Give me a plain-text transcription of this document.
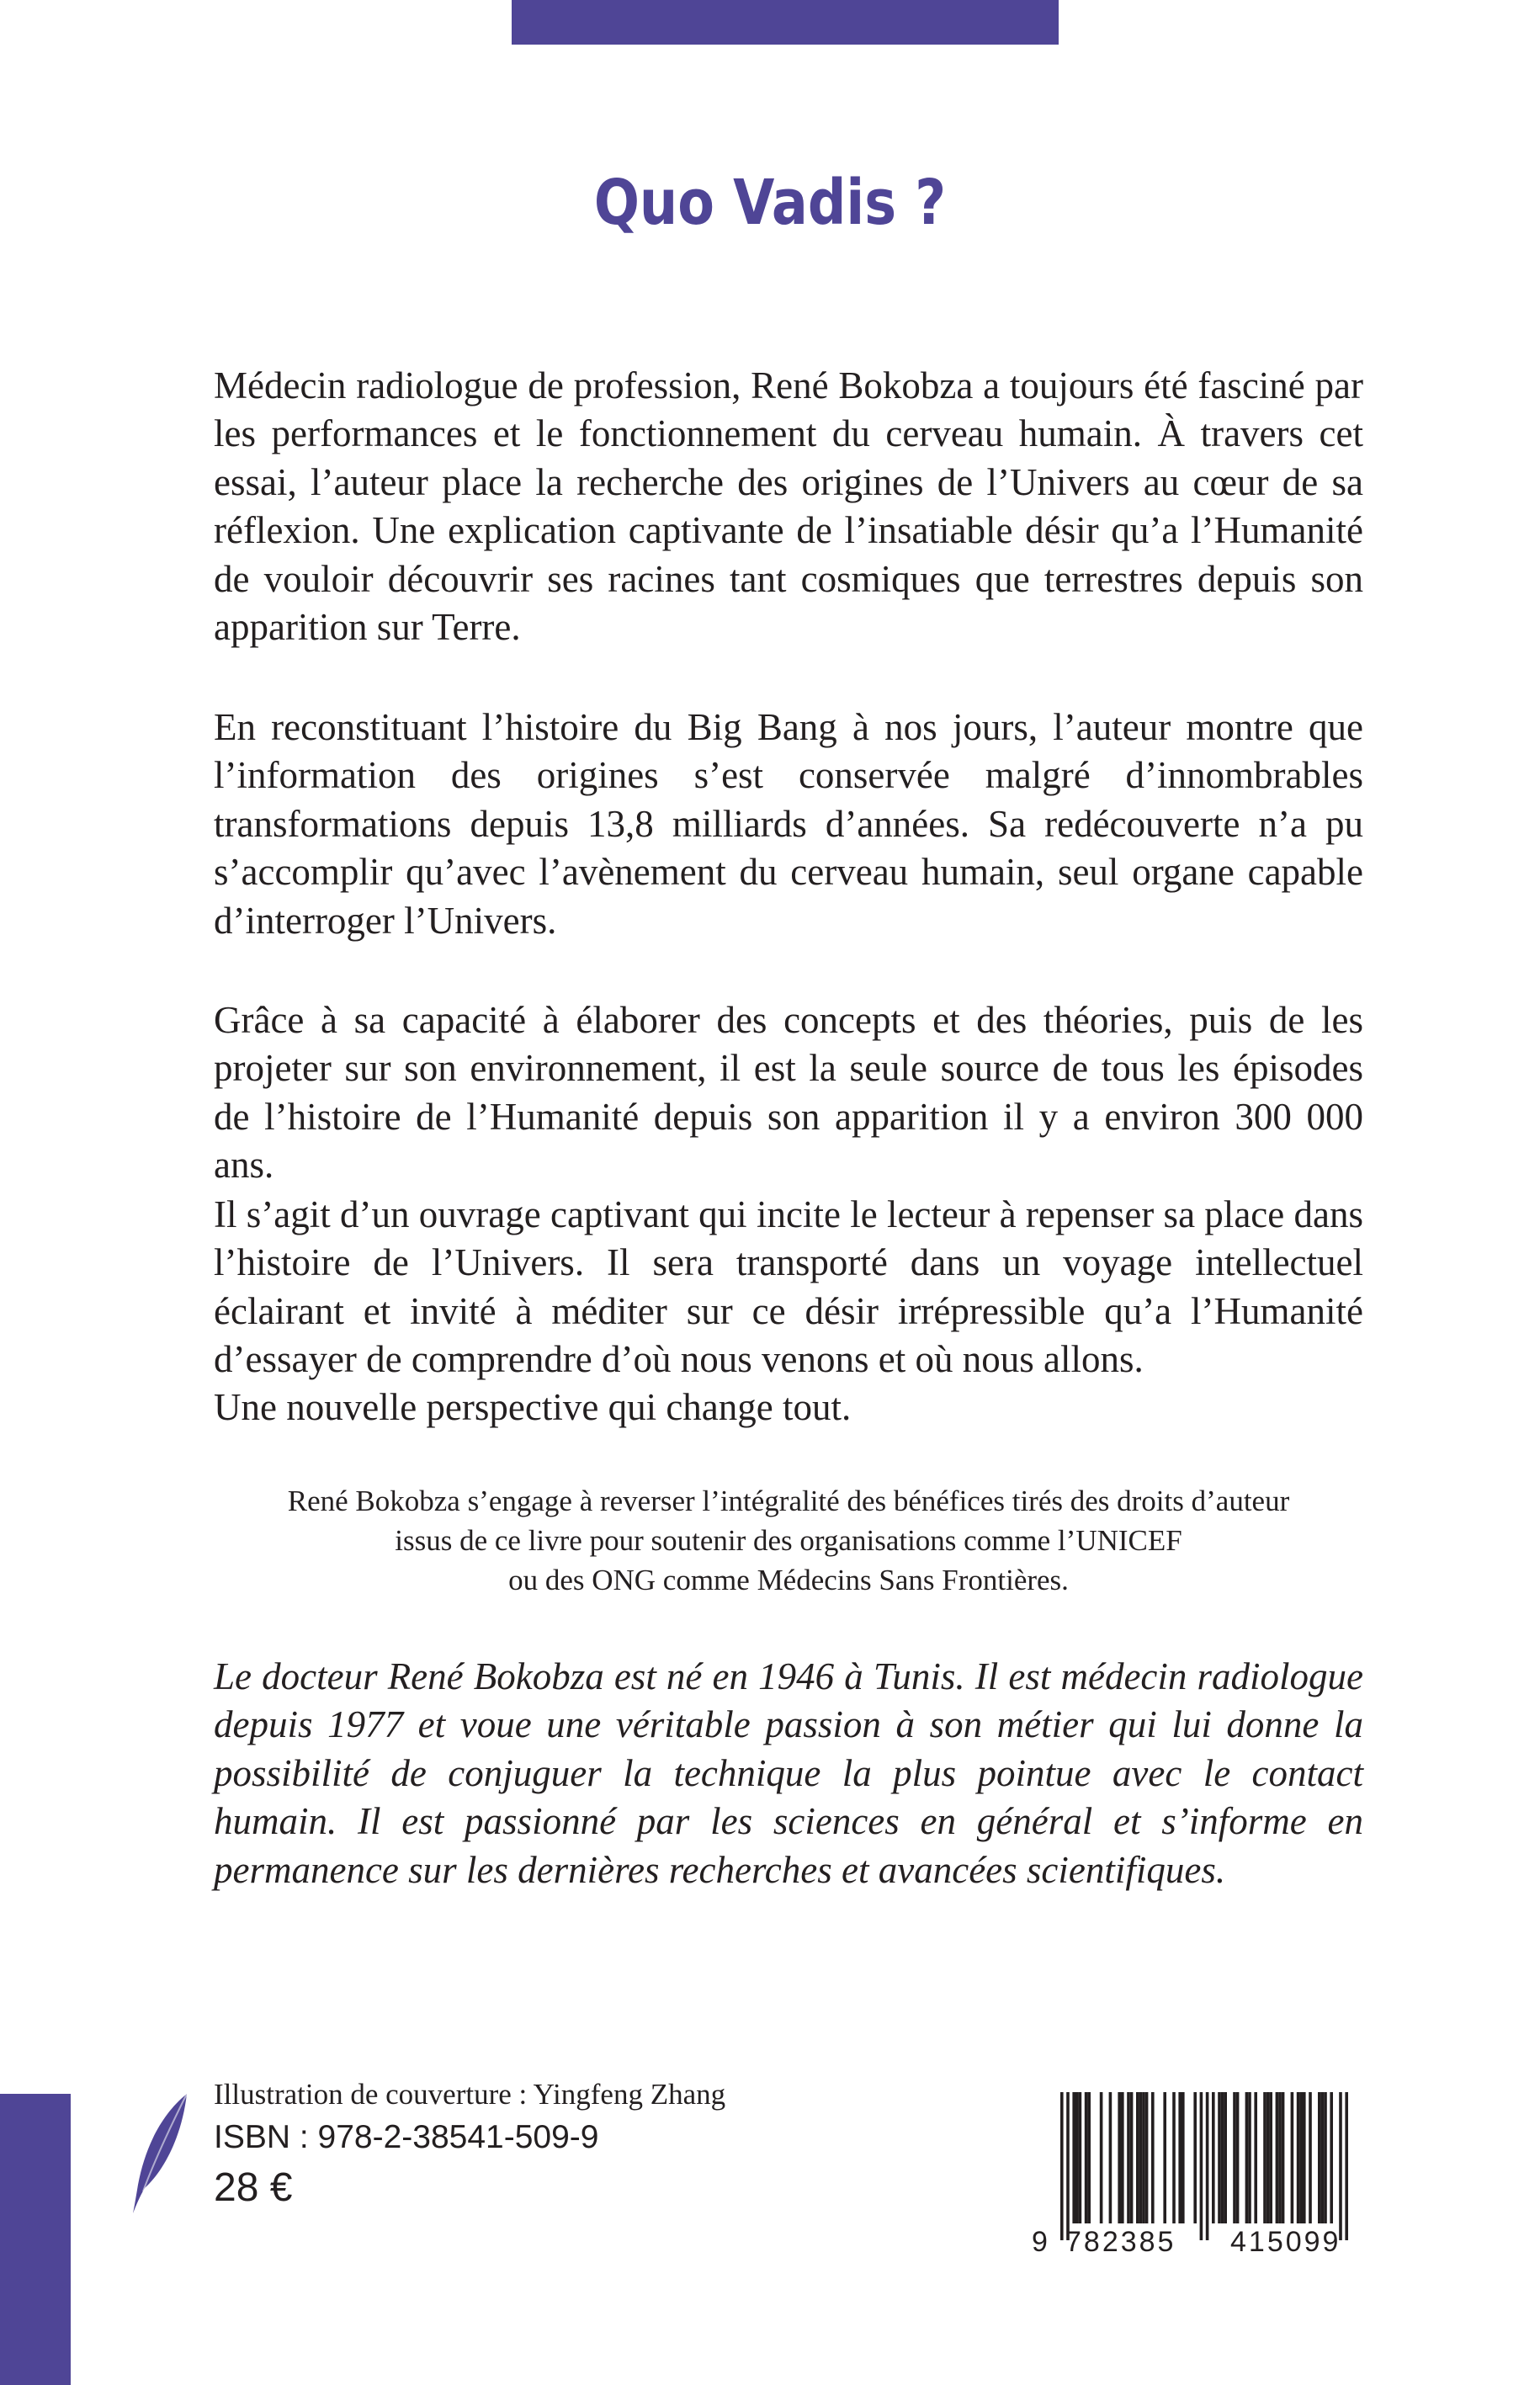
Quo Vadis ?

Médecin radiologue de profession, René Bokobza a toujours été fasciné par les performances et le fonctionnement du cerveau humain. À travers cet essai, l’auteur place la recherche des origines de l’Univers au cœur de sa réflexion. Une explication captivante de l’insatiable désir qu’a l’Humanité de vouloir découvrir ses racines tant cosmiques que terrestres depuis son apparition sur Terre.

En reconstituant l’histoire du Big Bang à nos jours, l’auteur montre que l’information des origines s’est conservée malgré d’innombrables transformations depuis 13,8 milliards d’années. Sa redécouverte n’a pu s’accomplir qu’avec l’avènement du cerveau humain, seul organe capable d’interroger l’Univers.

Grâce à sa capacité à élaborer des concepts et des théories, puis de les projeter sur son environnement, il est la seule source de tous les épisodes de l’histoire de l’Humanité depuis son apparition il y a environ 300 000 ans.

Il s’agit d’un ouvrage captivant qui incite le lecteur à repenser sa place dans l’histoire de l’Univers. Il sera transporté dans un voyage intellectuel éclairant et invité à méditer sur ce désir irrépressible qu’a l’Humanité d’essayer de comprendre d’où nous venons et où nous allons.

Une nouvelle perspective qui change tout.

René Bokobza s’engage à reverser l’intégralité des bénéfices tirés des droits d’auteur
issus de ce livre pour soutenir des organisations comme l’UNICEF
ou des ONG comme Médecins Sans Frontières.

Le docteur René Bokobza est né en 1946 à Tunis. Il est médecin radiologue depuis 1977 et voue une véritable passion à son métier qui lui donne la possibilité de conjuguer la technique la plus pointue avec le contact humain. Il est passionné par les sciences en général et s’informe en permanence sur les dernières recherches et avancées scientifiques.

Illustration de couverture : Yingfeng Zhang

ISBN : 978-2-38541-509-9

28 €

9 782385 415099
